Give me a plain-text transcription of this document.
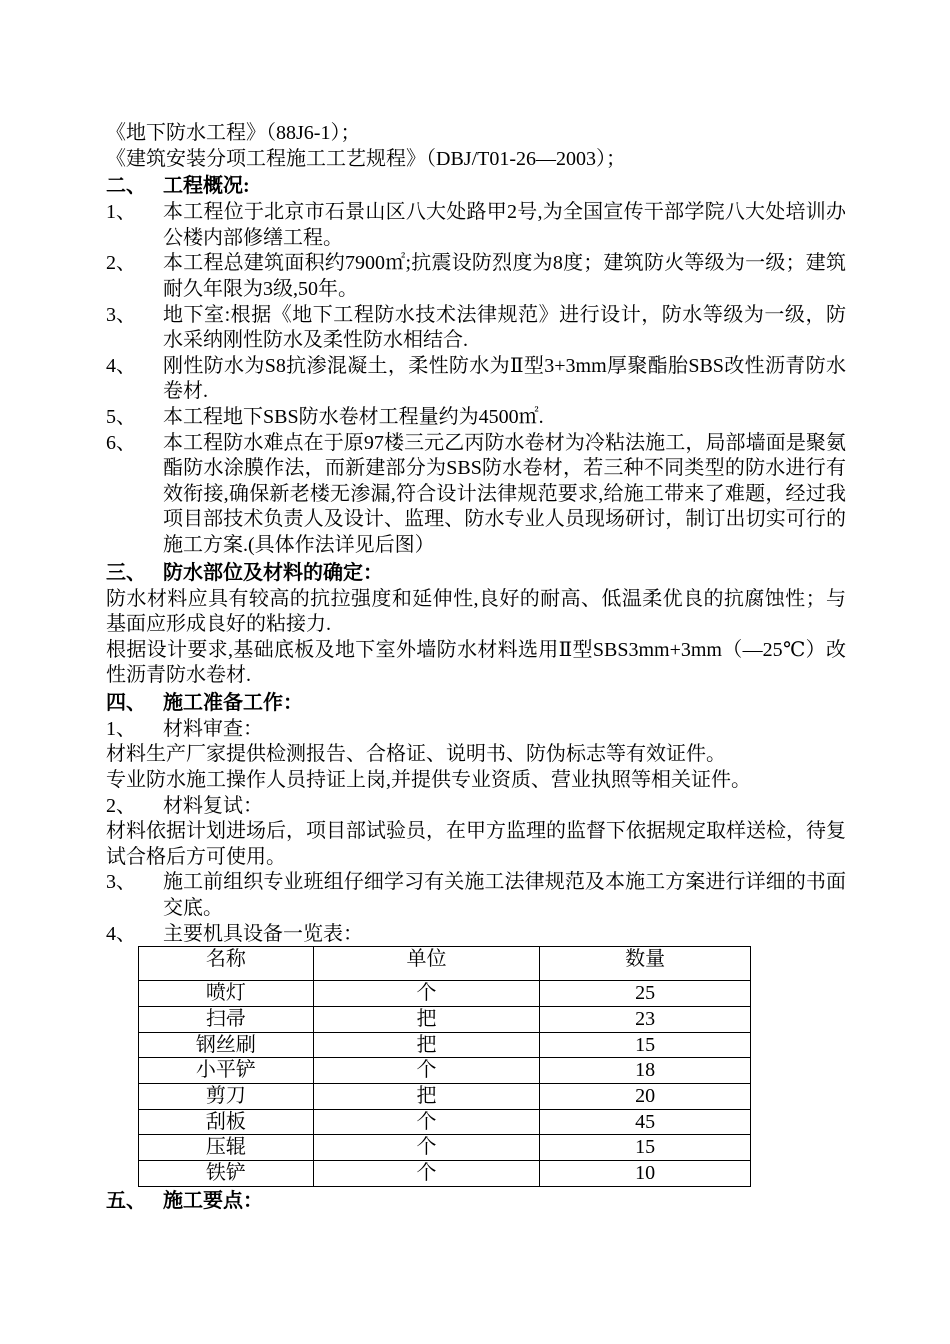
《地下防水工程》（88J6-1）；
《建筑安装分项工程施工工艺规程》（DBJ/T01-26—2003）；
二、 工程概况:
1、	本工程位于北京市石景山区八大处路甲2号,为全国宣传干部学院八大处培训办公楼内部修缮工程。
2、	本工程总建筑面积约7900㎡;抗震设防烈度为8度；建筑防火等级为一级；建筑耐久年限为3级,50年。
3、	地下室:根据《地下工程防水技术法律规范》进行设计，防水等级为一级，防水采纳刚性防水及柔性防水相结合.
4、	刚性防水为S8抗渗混凝土，柔性防水为Ⅱ型3+3mm厚聚酯胎SBS改性沥青防水卷材.
5、	本工程地下SBS防水卷材工程量约为4500㎡.
6、	本工程防水难点在于原97楼三元乙丙防水卷材为冷粘法施工，局部墙面是聚氨酯防水涂膜作法，而新建部分为SBS防水卷材，若三种不同类型的防水进行有效衔接,确保新老楼无渗漏,符合设计法律规范要求,给施工带来了难题，经过我项目部技术负责人及设计、监理、防水专业人员现场研讨，制订出切实可行的施工方案.(具体作法详见后图）
三、 防水部位及材料的确定：
防水材料应具有较高的抗拉强度和延伸性,良好的耐高、低温柔优良的抗腐蚀性；与基面应形成良好的粘接力.
根据设计要求,基础底板及地下室外墙防水材料选用Ⅱ型SBS3mm+3mm（—25℃）改性沥青防水卷材.
四、 施工准备工作：
1、	材料审查：
材料生产厂家提供检测报告、合格证、说明书、防伪标志等有效证件。
专业防水施工操作人员持证上岗,并提供专业资质、营业执照等相关证件。
2、	材料复试：
材料依据计划进场后，项目部试验员，在甲方监理的监督下依据规定取样送检，待复试合格后方可使用。
3、	施工前组织专业班组仔细学习有关施工法律规范及本施工方案进行详细的书面交底。
4、	主要机具设备一览表：
名称	单位	数量
喷灯	个	25
扫帚	把	23
钢丝刷	把	15
小平铲	个	18
剪刀	把	20
刮板	个	45
压辊	个	15
铁铲	个	10
五、 施工要点：
